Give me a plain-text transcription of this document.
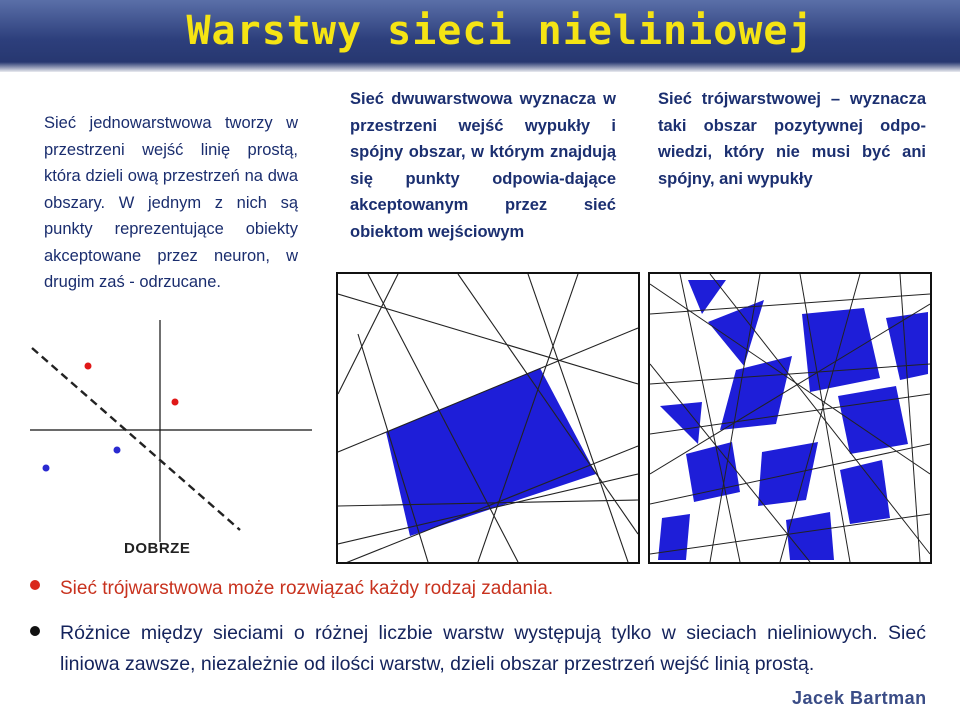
Warstwy sieci nieliniowej
Sieć jednowarstwowa tworzy w przestrzeni wejść linię prostą, która dzieli ową przestrzeń na dwa obszary. W jednym z nich są punkty reprezentujące obiekty akceptowane przez neuron, w drugim zaś - odrzucane.
Sieć dwuwarstwowa wyznacza w przestrzeni wejść wypukły i spójny obszar, w którym znajdują się punkty odpowia-dające akceptowanym przez sieć obiektom wejściowym
Sieć trójwarstwowej – wyznacza taki obszar pozytywnej odpo-wiedzi, który nie musi być ani spójny, ani wypukły
DOBRZE
Sieć trójwarstwowa może rozwiązać każdy rodzaj zadania.
Różnice między sieciami o różnej liczbie warstw występują tylko w sieciach nieliniowych. Sieć liniowa zawsze, niezależnie od ilości warstw, dzieli obszar przestrzeń wejść linią prostą.
Jacek Bartman
